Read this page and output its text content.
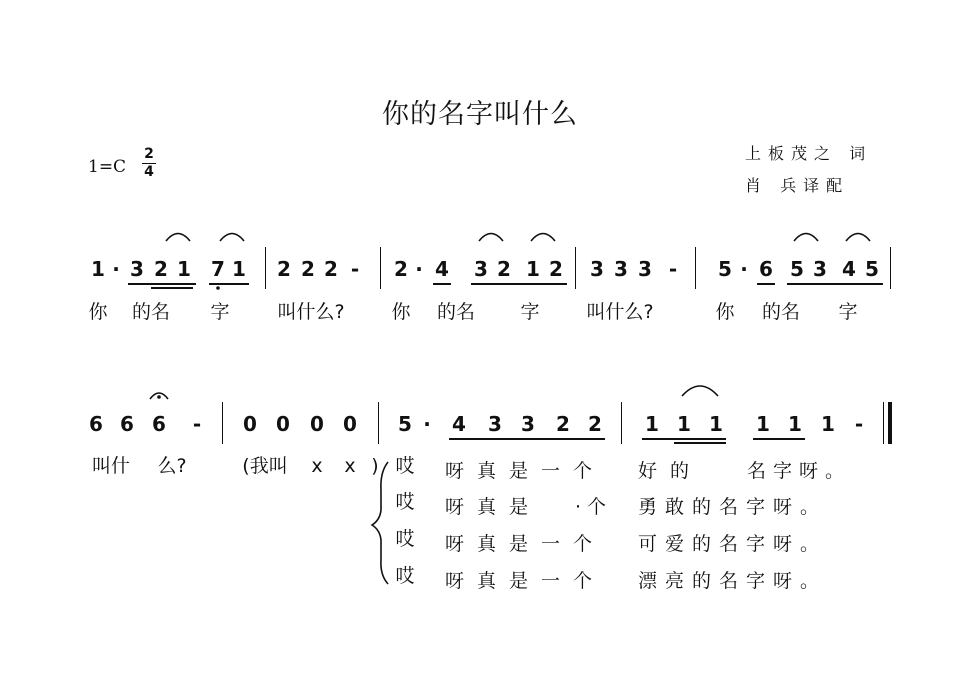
你的名字叫什么
上板茂之 词
肖 兵译配
1=C
2
4
1 · 3 2 1 7 1 2 2 2 - 2 · 4 3 2 1 2 3 3 3 - 5 · 6 5 3 4 5
你 的名 字	叫什么? 你 的名 字 叫什么?	你 的名 字
6 6 6 - 0 0 0 0 5 · 4 3 3 2 2 1 1 1 1 1 1 -
叫什 么?	(我叫 x x ) 哎 呀真是一个 好的 名字呀。
哎 呀真是 ·个 勇敢的名字呀。
哎 呀真是一个 可爱的名字呀。
哎 呀真是一个 漂亮的名字呀。
